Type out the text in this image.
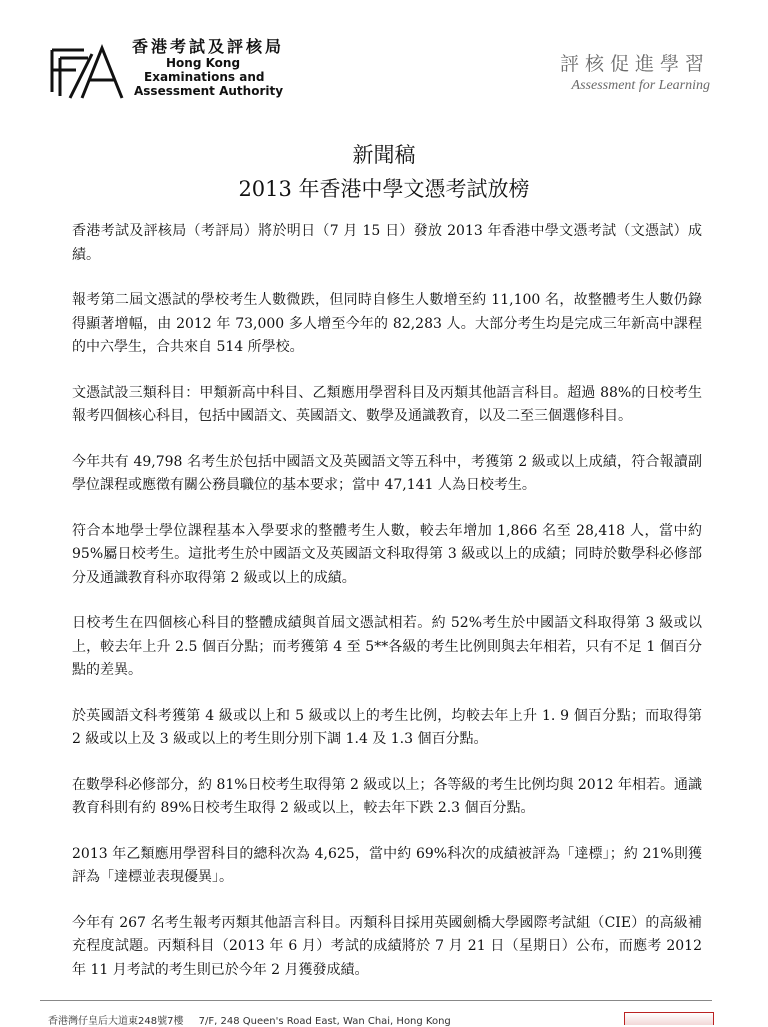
香港考試及評核局
Hong Kong
Examinations and
Assessment Authority
評核促進學習
Assessment for Learning
新聞稿
2013 年香港中學文憑考試放榜

香港考試及評核局（考評局）將於明日（7 月 15 日）發放 2013 年香港中學文憑考試（文憑試）成績。

報考第二屆文憑試的學校考生人數微跌，但同時自修生人數增至約 11,100 名，故整體考生人數仍錄得顯著增幅，由 2012 年 73,000 多人增至今年的 82,283 人。大部分考生均是完成三年新高中課程的中六學生，合共來自 514 所學校。

文憑試設三類科目：甲類新高中科目、乙類應用學習科目及丙類其他語言科目。超過 88%的日校考生報考四個核心科目，包括中國語文、英國語文、數學及通識教育，以及二至三個選修科目。

今年共有 49,798 名考生於包括中國語文及英國語文等五科中，考獲第 2 級或以上成績，符合報讀副學位課程或應徵有關公務員職位的基本要求；當中 47,141 人為日校考生。

符合本地學士學位課程基本入學要求的整體考生人數，較去年增加 1,866 名至 28,418 人，當中約 95%屬日校考生。這批考生於中國語文及英國語文科取得第 3 級或以上的成績；同時於數學科必修部分及通識教育科亦取得第 2 級或以上的成績。

日校考生在四個核心科目的整體成績與首屆文憑試相若。約 52%考生於中國語文科取得第 3 級或以上，較去年上升 2.5 個百分點；而考獲第 4 至 5**各級的考生比例則與去年相若，只有不足 1 個百分點的差異。

於英國語文科考獲第 4 級或以上和 5 級或以上的考生比例，均較去年上升 1. 9 個百分點；而取得第 2 級或以上及 3 級或以上的考生則分別下調 1.4 及 1.3 個百分點。

在數學科必修部分，約 81%日校考生取得第 2 級或以上；各等級的考生比例均與 2012 年相若。通識教育科則有約 89%日校考生取得 2 級或以上，較去年下跌 2.3 個百分點。

2013 年乙類應用學習科目的總科次為 4,625，當中約 69%科次的成績被評為「達標」；約 21%則獲評為「達標並表現優異」。

今年有 267 名考生報考丙類其他語言科目。丙類科目採用英國劍橋大學國際考試組（CIE）的高級補充程度試題。丙類科目（2013 年 6 月）考試的成績將於 7 月 21 日（星期日）公布，而應考 2012 年 11 月考試的考生則已於今年 2 月獲發成績。

香港灣仔皇后大道東248號7樓 7/F, 248 Queen's Road East, Wan Chai, Hong Kong
